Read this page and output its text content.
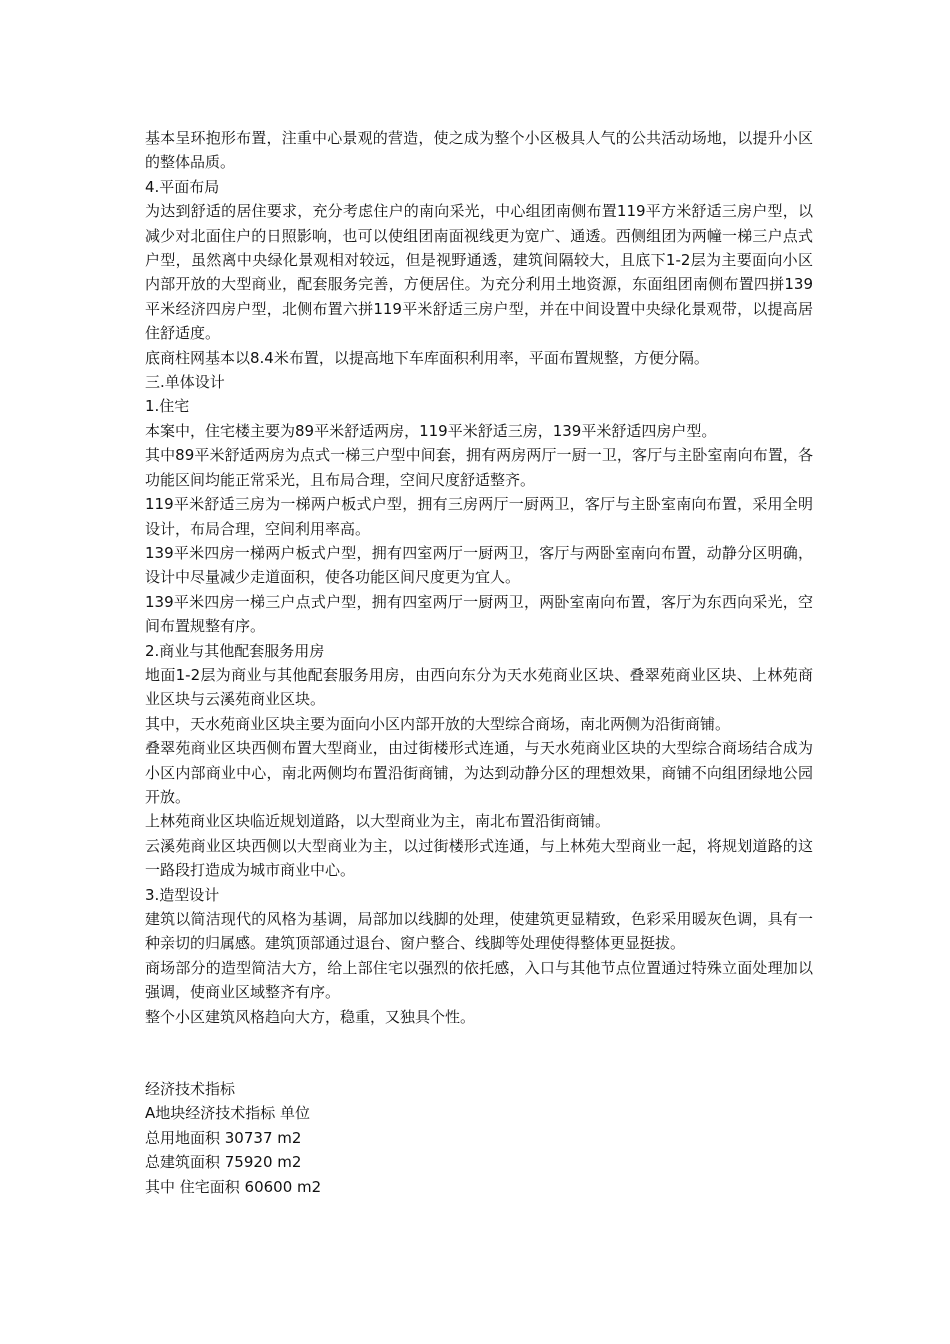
基本呈环抱形布置，注重中心景观的营造，使之成为整个小区极具人气的公共活动场地，以提升小区的整体品质。

4.平面布局

为达到舒适的居住要求，充分考虑住户的南向采光，中心组团南侧布置119平方米舒适三房户型，以减少对北面住户的日照影响，也可以使组团南面视线更为宽广、通透。西侧组团为两幢一梯三户点式户型，虽然离中央绿化景观相对较远，但是视野通透，建筑间隔较大，且底下1-2层为主要面向小区内部开放的大型商业，配套服务完善，方便居住。为充分利用土地资源，东面组团南侧布置四拼139平米经济四房户型，北侧布置六拼119平米舒适三房户型，并在中间设置中央绿化景观带，以提高居住舒适度。

底商柱网基本以8.4米布置，以提高地下车库面积利用率，平面布置规整，方便分隔。

三.单体设计

1.住宅

本案中，住宅楼主要为89平米舒适两房，119平米舒适三房，139平米舒适四房户型。

其中89平米舒适两房为点式一梯三户型中间套，拥有两房两厅一厨一卫，客厅与主卧室南向布置，各功能区间均能正常采光，且布局合理，空间尺度舒适整齐。

119平米舒适三房为一梯两户板式户型，拥有三房两厅一厨两卫，客厅与主卧室南向布置，采用全明设计，布局合理，空间利用率高。

139平米四房一梯两户板式户型，拥有四室两厅一厨两卫，客厅与两卧室南向布置，动静分区明确，设计中尽量减少走道面积，使各功能区间尺度更为宜人。

139平米四房一梯三户点式户型，拥有四室两厅一厨两卫，两卧室南向布置，客厅为东西向采光，空间布置规整有序。

2.商业与其他配套服务用房

地面1-2层为商业与其他配套服务用房，由西向东分为天水苑商业区块、叠翠苑商业区块、上林苑商业区块与云溪苑商业区块。

其中，天水苑商业区块主要为面向小区内部开放的大型综合商场，南北两侧为沿街商铺。

叠翠苑商业区块西侧布置大型商业，由过街楼形式连通，与天水苑商业区块的大型综合商场结合成为小区内部商业中心，南北两侧均布置沿街商铺，为达到动静分区的理想效果，商铺不向组团绿地公园开放。

上林苑商业区块临近规划道路，以大型商业为主，南北布置沿街商铺。

云溪苑商业区块西侧以大型商业为主，以过街楼形式连通，与上林苑大型商业一起，将规划道路的这一路段打造成为城市商业中心。

3.造型设计

建筑以简洁现代的风格为基调，局部加以线脚的处理，使建筑更显精致，色彩采用暖灰色调，具有一种亲切的归属感。建筑顶部通过退台、窗户整合、线脚等处理使得整体更显挺拔。

商场部分的造型简洁大方，给上部住宅以强烈的依托感，入口与其他节点位置通过特殊立面处理加以强调，使商业区域整齐有序。

整个小区建筑风格趋向大方，稳重，又独具个性。

经济技术指标

A地块经济技术指标 单位

总用地面积 30737 m2

总建筑面积 75920 m2

其中 住宅面积 60600 m2
